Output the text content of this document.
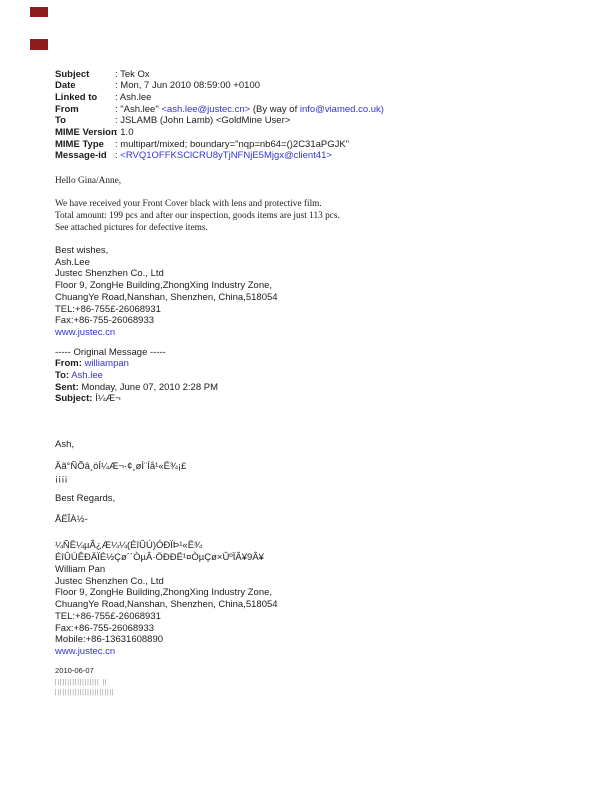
Subject	: Tek Ox
Date	: Mon, 7 Jun 2010 08:59:00 +0100
Linked to : Ash.lee
From	: "Ash.lee" <ash.lee@justec.cn> (By way of info@viamed.co.uk)
To	: JSLAMB (John Lamb) <GoldMine User>
MIME Version: 1.0
MIME Type : multipart/mixed; boundary="nqp=nb64=()2C31aPGJK"
Message-id : <RVQ1OFFKSClCRU8yTjNFNjE5Mjgx@client41>
Hello Gina/Anne,

We have received your Front Cover black with lens and protective film.
Total amount: 199 pcs and after our inspection, goods items are just 113 pcs.
See attached pictures for defective items.
Best wishes,
Ash.Lee
Justec Shenzhen Co., Ltd
Floor 9, ZongHe Building,ZhongXing Industry Zone,
ChuangYe Road,Nanshan, Shenzhen, China,518054
TEL:+86-755£-26068931
Fax:+86-755-26068933
www.justec.cn
----- Original Message -----
From: williampan
To: Ash.lee
Sent: Monday, June 07, 2010 2:28 PM
Subject: Í¼Æ¬
Ash,
Äã°ÑÕâ¸öÍ¼Æ¬·¢¸øÌ¨Íå¹«Ë¾¡£
¡¡¡¡
Best Regards,
ÅËÎÀ½-
¼ÑË¼µÂ¿Æ¼¼(ÉîÛÚ)ÓÐÏÞ¹«Ë¾
ÉîÛÚÊÐÄÏÉ½Çø´´ÒµÂ·ÖÐÐË¹¤ÒµÇø×ÛºÏÂ¥9Â¥
William Pan
Justec Shenzhen Co., Ltd
Floor 9, ZongHe Building,ZhongXing Industry Zone,
ChuangYe Road,Nanshan, Shenzhen, China,518054
TEL:+86-755£-26068931
Fax:+86-755-26068933
Mobile:+86-13631608890
www.justec.cn
2010-06-07
|||||||||||||||||| ||
||||||||||||||||||||||||
